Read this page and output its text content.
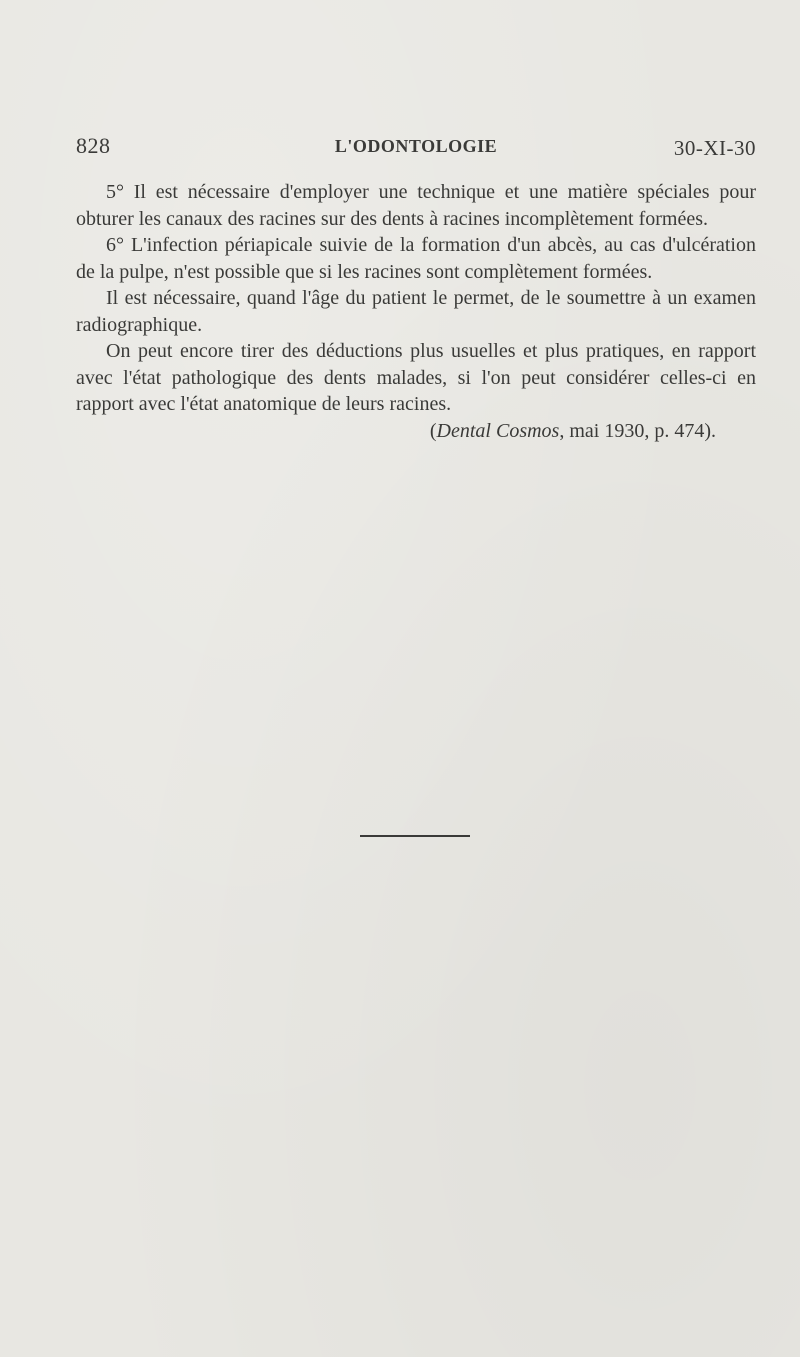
828	L'ODONTOLOGIE	30-XI-30

5° Il est nécessaire d'employer une technique et une matière spéciales pour obturer les canaux des racines sur des dents à racines incomplètement formées.

6° L'infection périapicale suivie de la formation d'un abcès, au cas d'ulcération de la pulpe, n'est possible que si les racines sont complètement formées.

Il est nécessaire, quand l'âge du patient le permet, de le soumettre à un examen radiographique.

On peut encore tirer des déductions plus usuelles et plus pratiques, en rapport avec l'état pathologique des dents malades, si l'on peut considérer celles-ci en rapport avec l'état anatomique de leurs racines.

(Dental Cosmos, mai 1930, p. 474).
